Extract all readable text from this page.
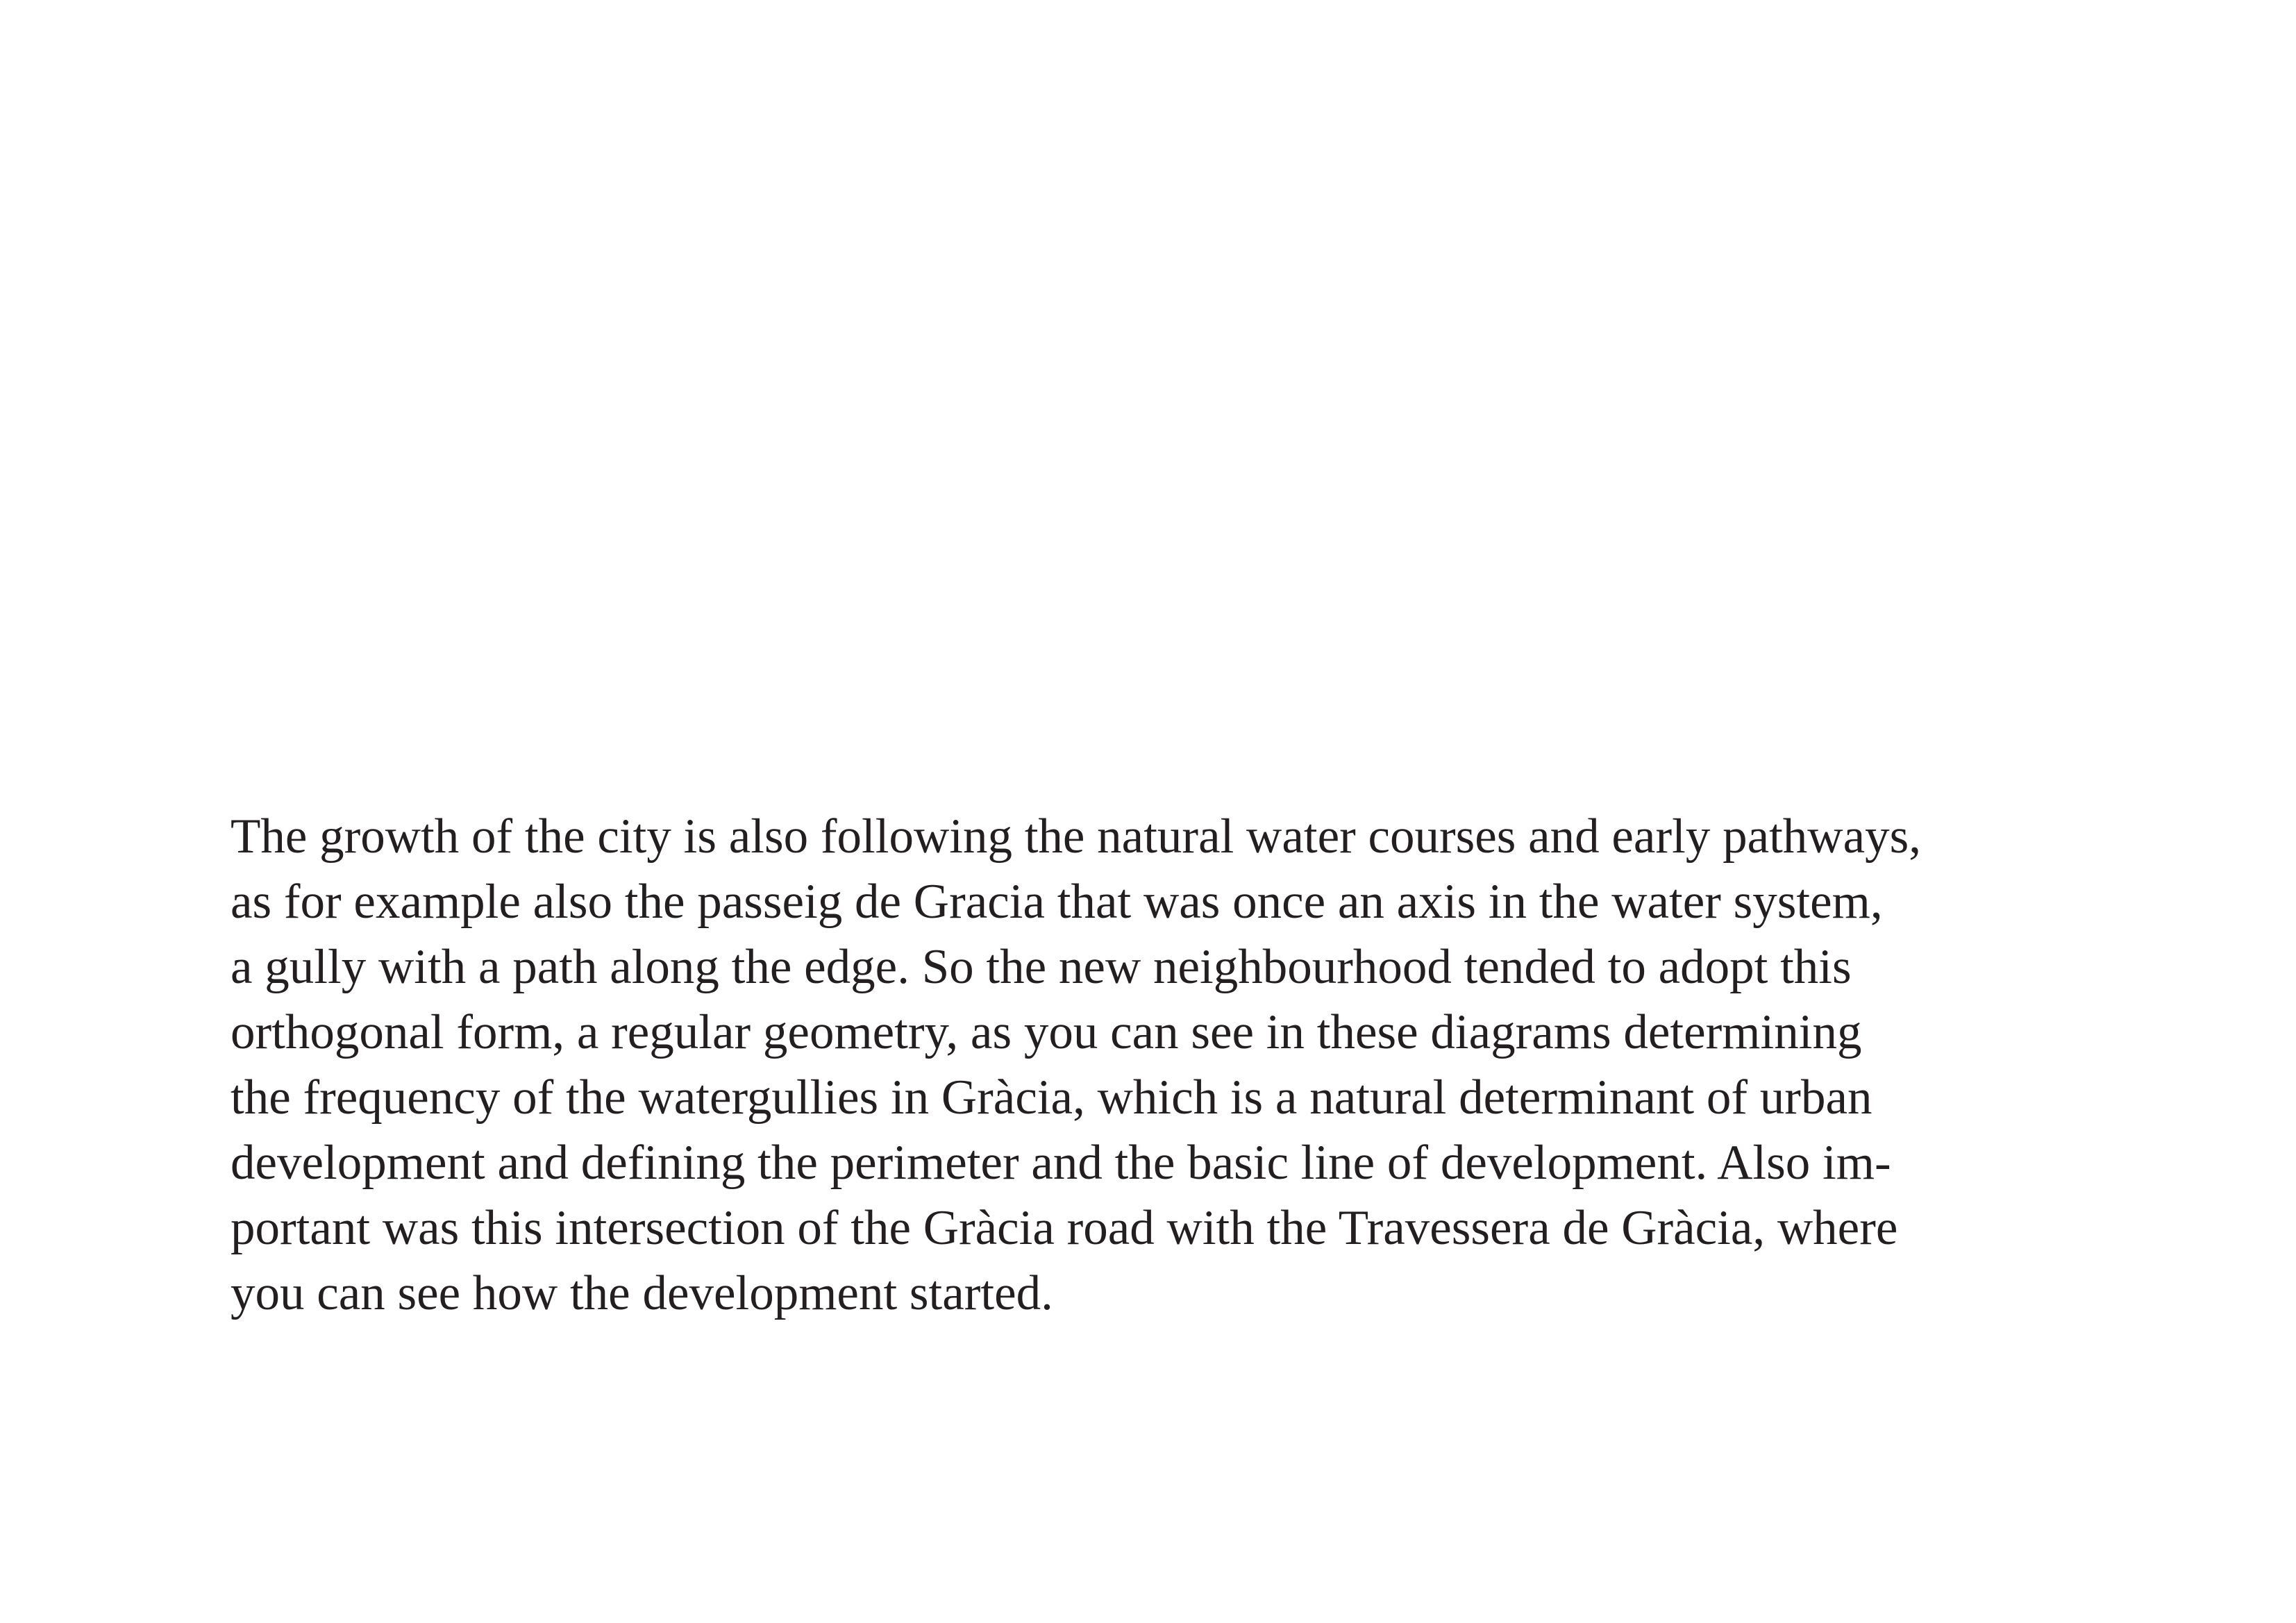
The growth of the city is also following the natural water courses and early pathways,
as for example also the passeig de Gracia that was once an axis in the water system,
a gully with a path along the edge. So the new neighbourhood tended to adopt this
orthogonal form, a regular geometry, as you can see in these diagrams determining
the frequency of the watergullies in Gràcia, which is a natural determinant of urban
development and defining the perimeter and the basic line of development. Also im-
portant was this intersection of the Gràcia road with the Travessera de Gràcia, where
you can see how the development started.
